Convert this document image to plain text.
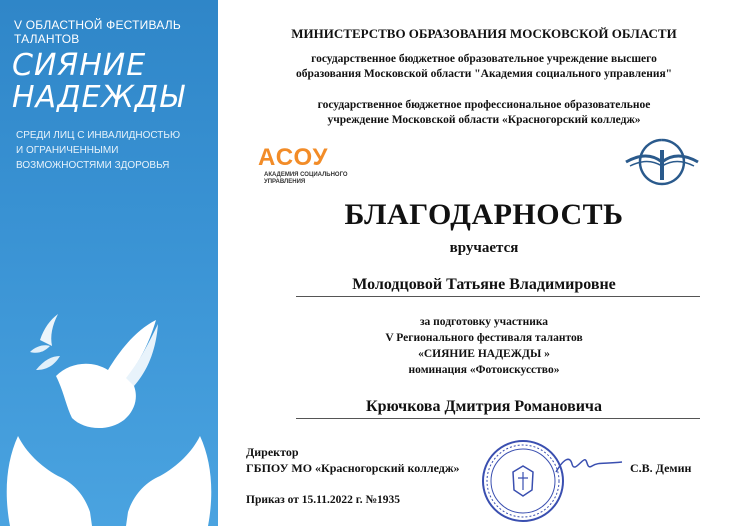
V ОБЛАСТНОЙ ФЕСТИВАЛЬ ТАЛАНТОВ
СИЯНИЕ
НАДЕЖДЫ
СРЕДИ ЛИЦ С ИНВАЛИДНОСТЬЮ
И ОГРАНИЧЕННЫМИ ВОЗМОЖНОСТЯМИ ЗДОРОВЬЯ
МИНИСТЕРСТВО ОБРАЗОВАНИЯ МОСКОВСКОЙ ОБЛАСТИ
государственное бюджетное образовательное учреждение высшего
образования Московской области "Академия социального управления"
государственное бюджетное профессиональное образовательное
учреждение Московской области «Красногорский колледж»
АСОУ
АКАДЕМИЯ СОЦИАЛЬНОГО
УПРАВЛЕНИЯ
БЛАГОДАРНОСТЬ
вручается
Молодцовой Татьяне Владимировне
за подготовку участника
V Регионального фестиваля талантов
«СИЯНИЕ НАДЕЖДЫ »
номинация «Фотоискусство»
Крючкова Дмитрия Романовича
Директор
ГБПОУ МО «Красногорский колледж»	С.В. Демин
Приказ от 15.11.2022 г. №1935
